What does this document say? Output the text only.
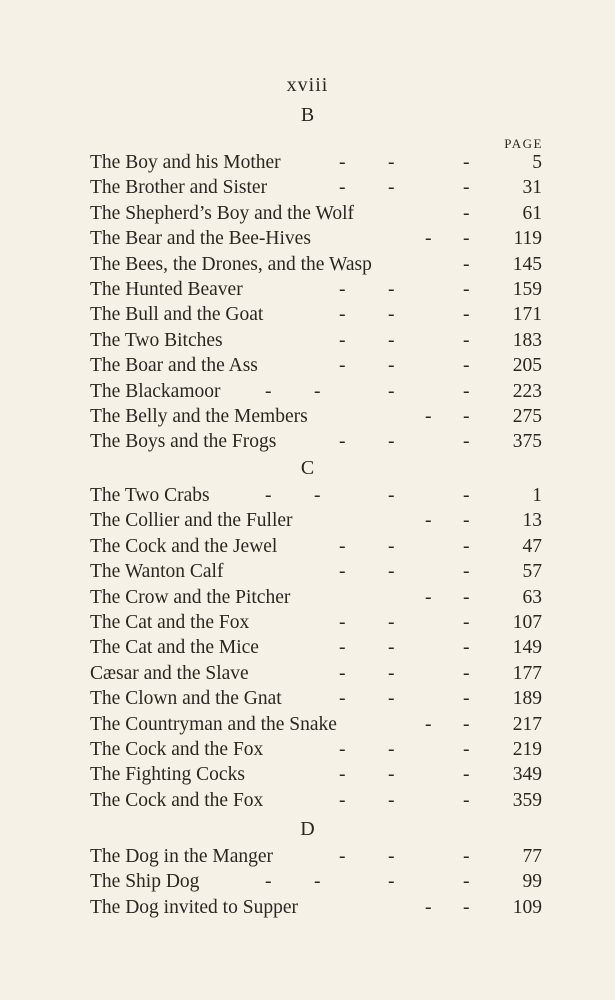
xviii
PAGE
B
The Boy and his Mother	- -	-	5
The Brother and Sister	- -	-	31
The Shepherd’s Boy and the Wolf	-	61
The Bear and the Bee-Hives	- - 119
The Bees, the Drones, and the Wasp	- 145
The Hunted Beaver	- -	- 159
The Bull and the Goat	- -	- 171
The Two Bitches	- -	- 183
The Boar and the Ass	- -	- 205
The Blackamoor - -	-	- 223
The Belly and the Members	- - 275
The Boys and the Frogs	- -	- 375
C
The Two Crabs	- -	-	-	1
The Collier and the Fuller	- -	13
The Cock and the Jewel	- -	-	47
The Wanton Calf	- -	-	57
The Crow and the Pitcher	- -	63
The Cat and the Fox	- -	- 107
The Cat and the Mice	- -	- 149
Cæsar and the Slave	- -	- 177
The Clown and the Gnat	- -	- 189
The Countryman and the Snake	- - 217
The Cock and the Fox	- -	- 219
The Fighting Cocks	- -	- 349
The Cock and the Fox	- -	- 359
D
The Dog in the Manger	- -	-	77
The Ship Dog	- -	-	-	99
The Dog invited to Supper	- - 109
